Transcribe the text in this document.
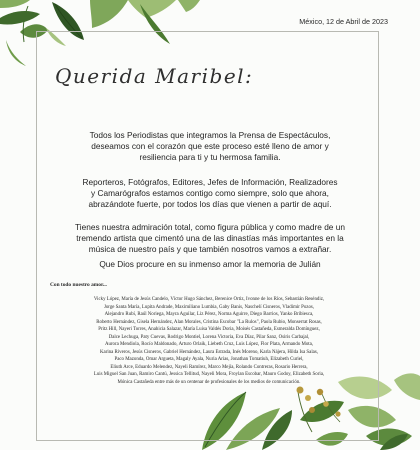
México, 12 de Abril de 2023
Querida Maribel:
Todos los Periodistas que integramos la Prensa de Espectáculos,
deseamos con el corazón que este proceso esté lleno de amor y
resiliencia para ti y tu hermosa familia.
Reporteros, Fotógrafos, Editores, Jefes de Información, Realizadores
y Camarógrafos estamos contigo como siempre, solo que ahora,
abrazándote fuerte, por todos los días que vienen a partir de aquí.
Tienes nuestra admiración total, como figura pública y como madre de un
tremendo artista que cimentó una de las dinastías más importantes en la
música de nuestro país y que también nosotros vamos a extrañar.
Que Dios procure en su inmenso amor la memoria de Julián
Con todo nuestro amor...
Vicky López, María de Jesús Candelo, Víctor Hugo Sánchez, Berenice Ortiz, Ivonne de los Ríos, Sebastián Reséndiz,
Jorge Santa María, Lupita Andrade, Maximiliano Lumbia, Gaby Banis, Naschelí Cisneros, Vladimir Pozos,
Alejandro Rubí, Raúl Noriega, Mayra Aguilar, Liz Pérez, Norma Aguirre, Diego Barrios, Yanko Bribiesca,
Roberto Hernández, Gisela Hernández, Alan Morales, Cristina Escobar "La Rulos", Paola Rubio, Monserrat Rosas,
Pritz Hill, Nayeri Torres, Anahicia Salazar, María Luisa Valdés Doria, Moisés Castañeda, Esmeralda Domínguez,
Dalce Lechuga, Paty Cuevas, Rodrigo Montiel, Lorena Victoria, Eva Díaz, Pilar Sanz, Osiris Carbajal,
Aurora Mendiola, Rocío Maldonado, Arturo Orlaik, Liebeth Cruz, Luis López, Flor Plata, Armando Mota,
Karina Riveros, Jesús Cisneros, Gabriel Hernández, Laura Estrada, Inés Moreno, Karla Nájera, Hilda Isa Salas,
Paco Mazonda, Omar Argueta, Magaly Ayala, Nuria Arias, Jonathan Tomatiuh, Elizabeth Curiel,
Eliuth Arce, Eduardo Melendez, Nayeli Ramírez, Marco Mejía, Rolando Contreras, Rosario Herrera,
Luis Miguel San Juan, Ramiro Cantú, Jessica Tellitud, Nayeli Mora, Froylan Escobar, Mauro Godoy, Elizabeth Soria,
Mónica Castañeda entre más de un centenar de profesionales de los medios de comunicación.
